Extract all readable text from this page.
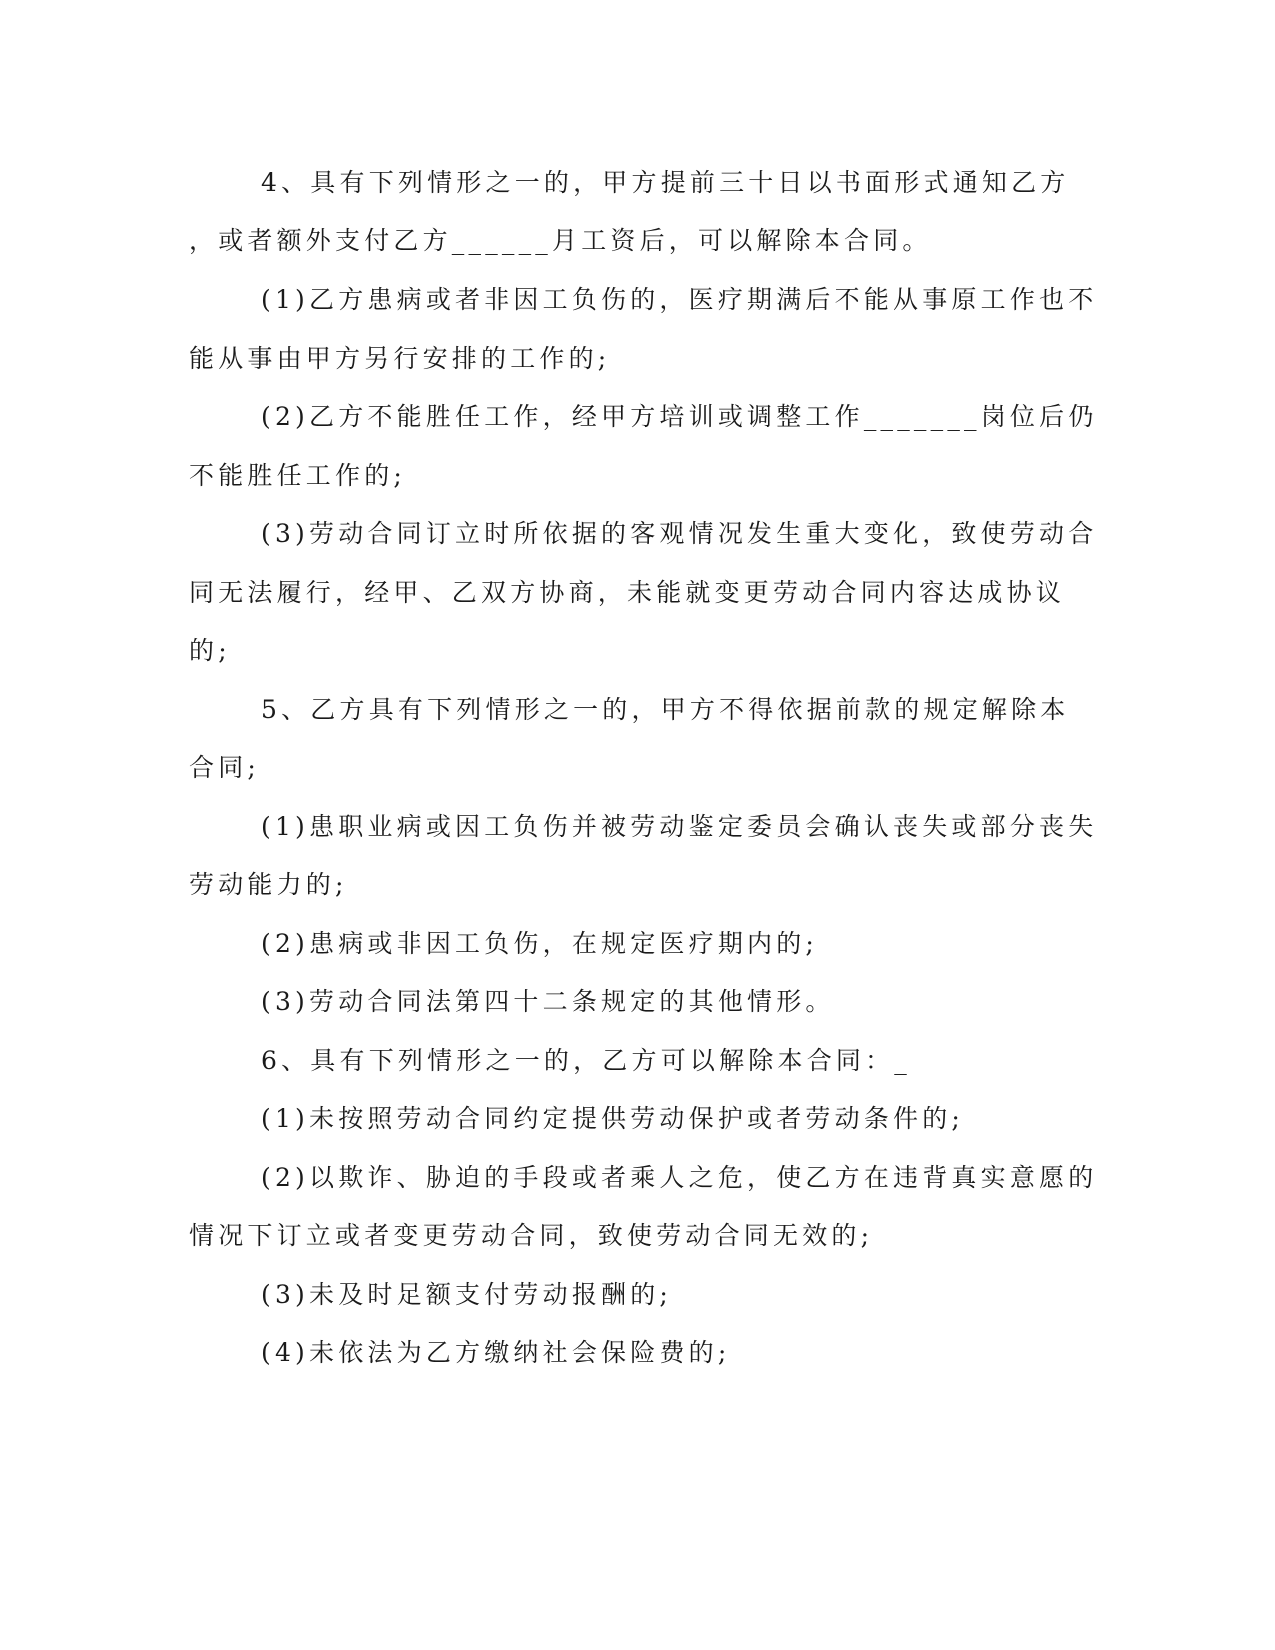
4、具有下列情形之一的，甲方提前三十日以书面形式通知乙方
，或者额外支付乙方______月工资后，可以解除本合同。
(1)乙方患病或者非因工负伤的，医疗期满后不能从事原工作也不
能从事由甲方另行安排的工作的;
(2)乙方不能胜任工作，经甲方培训或调整工作_______岗位后仍
不能胜任工作的;
(3)劳动合同订立时所依据的客观情况发生重大变化，致使劳动合
同无法履行，经甲、乙双方协商，未能就变更劳动合同内容达成协议
的;
5、乙方具有下列情形之一的，甲方不得依据前款的规定解除本
合同;
(1)患职业病或因工负伤并被劳动鉴定委员会确认丧失或部分丧失
劳动能力的;
(2)患病或非因工负伤，在规定医疗期内的;
(3)劳动合同法第四十二条规定的其他情形。
6、具有下列情形之一的，乙方可以解除本合同：_
(1)未按照劳动合同约定提供劳动保护或者劳动条件的;
(2)以欺诈、胁迫的手段或者乘人之危，使乙方在违背真实意愿的
情况下订立或者变更劳动合同，致使劳动合同无效的;
(3)未及时足额支付劳动报酬的;
(4)未依法为乙方缴纳社会保险费的;
